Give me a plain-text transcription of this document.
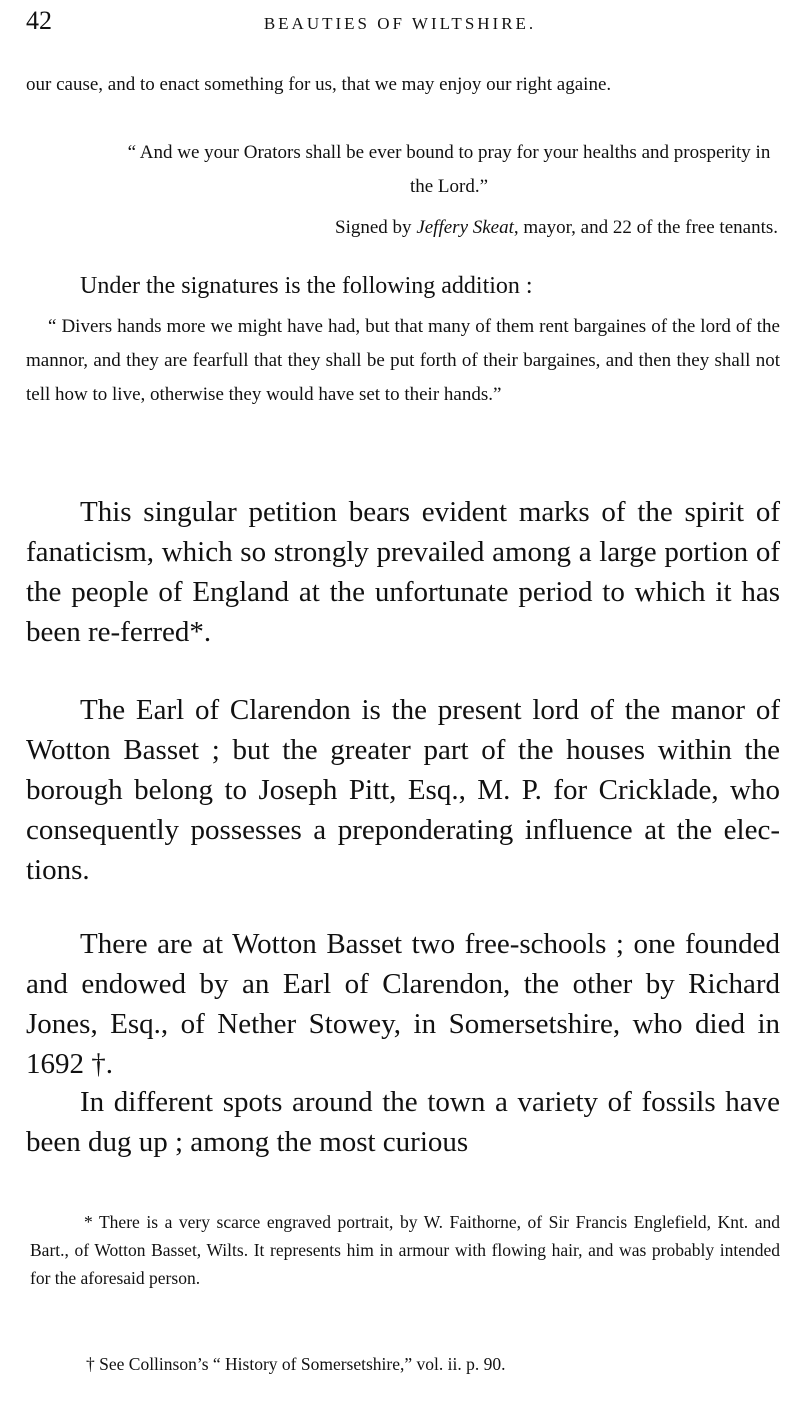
42	BEAUTIES OF WILTSHIRE.

our cause, and to enact something for us, that we may enjoy our right againe.

“ And we your Orators shall be ever bound to pray for your healths and prosperity in the Lord.”

Signed by Jeffery Skeat, mayor, and 22 of the free tenants.

Under the signatures is the following addition :

“ Divers hands more we might have had, but that many of them rent bargaines of the lord of the mannor, and they are fearfull that they shall be put forth of their bargaines, and then they shall not tell how to live, otherwise they would have set to their hands.”

This singular petition bears evident marks of the spirit of fanaticism, which so strongly prevailed among a large portion of the people of England at the unfortunate period to which it has been re-ferred*.

The Earl of Clarendon is the present lord of the manor of Wotton Basset ; but the greater part of the houses within the borough belong to Joseph Pitt, Esq., M. P. for Cricklade, who consequently possesses a preponderating influence at the elec-tions.

There are at Wotton Basset two free-schools ; one founded and endowed by an Earl of Clarendon, the other by Richard Jones, Esq., of Nether Stowey, in Somersetshire, who died in 1692 †.

In different spots around the town a variety of fossils have been dug up ; among the most curious

* There is a very scarce engraved portrait, by W. Faithorne, of Sir Francis Englefield, Knt. and Bart., of Wotton Basset, Wilts. It represents him in armour with flowing hair, and was probably intended for the aforesaid person.

† See Collinson’s “ History of Somersetshire,” vol. ii. p. 90.
